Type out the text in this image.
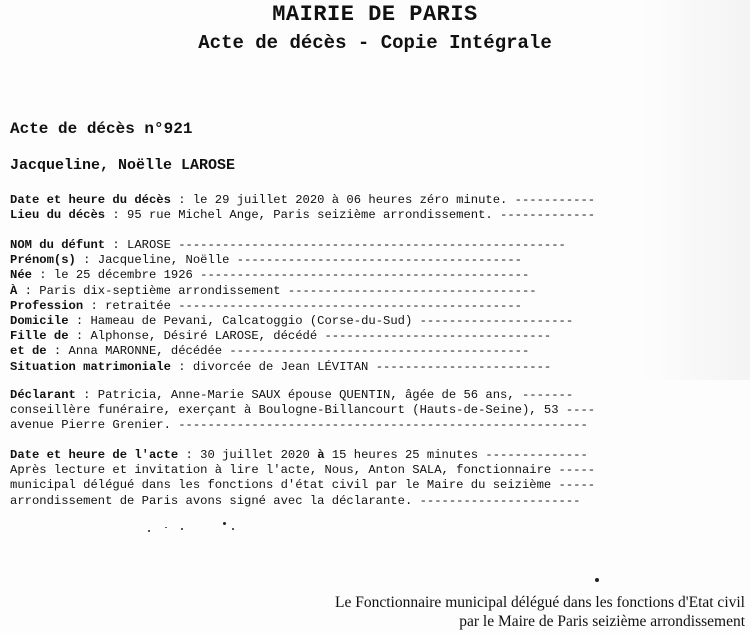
MAIRIE DE PARIS
Acte de décès - Copie Intégrale
Acte de décès n°921
Jacqueline, Noëlle LAROSE
Date et heure du décès : le 29 juillet 2020 à 06 heures zéro minute. -----------
Lieu du décès : 95 rue Michel Ange, Paris seizième arrondissement. -------------
NOM du défunt : LAROSE -----------------------------------------------------
Prénom(s) : Jacqueline, Noëlle ---------------------------------------
Née : le 25 décembre 1926 ---------------------------------------------
À : Paris dix-septième arrondissement ----------------------------------
Profession : retraitée -----------------------------------------------
Domicile : Hameau de Pevani, Calcatoggio (Corse-du-Sud) ---------------------
Fille de : Alphonse, Désiré LAROSE, décédé -------------------------------
et de : Anna MARONNE, décédée -----------------------------------------
Situation matrimoniale : divorcée de Jean LÉVITAN ------------------------
Déclarant : Patricia, Anne-Marie SAUX épouse QUENTIN, âgée de 56 ans, -------
conseillère funéraire, exerçant à Boulogne-Billancourt (Hauts-de-Seine), 53 ----
avenue Pierre Grenier. --------------------------------------------------------
Date et heure de l'acte : 30 juillet 2020 à 15 heures 25 minutes --------------
Après lecture et invitation à lire l'acte, Nous, Anton SALA, fonctionnaire -----
municipal délégué dans les fonctions d'état civil par le Maire du seizième -----
arrondissement de Paris avons signé avec la déclarante. ----------------------
Le Fonctionnaire municipal délégué dans les fonctions d'Etat civil
par le Maire de Paris seizième arrondissement
